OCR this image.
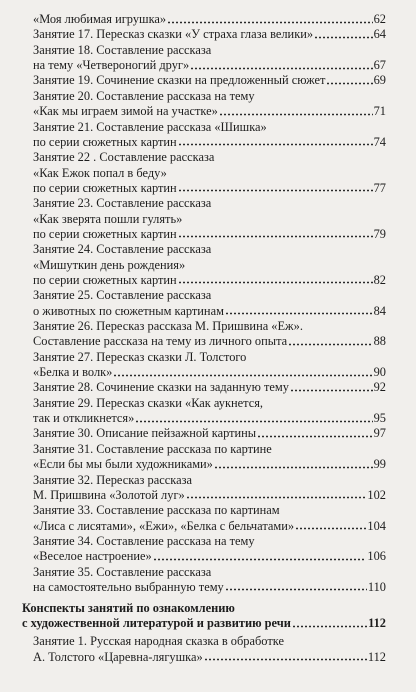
«Моя любимая игрушка»	62
Занятие 17. Пересказ сказки «У страха глаза велики»	64
Занятие 18. Составление рассказа
на тему «Четвероногий друг»	67
Занятие 19. Сочинение сказки на предложенный сюжет	69
Занятие 20. Составление рассказа на тему
«Как мы играем зимой на участке»	71
Занятие 21. Составление рассказа «Шишка»
по серии сюжетных картин	74
Занятие 22 . Составление рассказа
«Как Ежок попал в беду»
по серии сюжетных картин	77
Занятие 23. Составление рассказа
«Как зверята пошли гулять»
по серии сюжетных картин	79
Занятие 24. Составление рассказа
«Мишуткин день рождения»
по серии сюжетных картин	82
Занятие 25. Составление рассказа
о животных по сюжетным картинам	84
Занятие 26. Пересказ рассказа М. Пришвина «Еж».
Составление рассказа на тему из личного опыта	88
Занятие 27. Пересказ сказки Л. Толстого
«Белка и волк»	90
Занятие 28. Сочинение сказки на заданную тему	92
Занятие 29. Пересказ сказки «Как аукнется,
так и откликнется»	95
Занятие 30. Описание пейзажной картины	97
Занятие 31. Составление рассказа по картине
«Если бы мы были художниками»	99
Занятие 32. Пересказ рассказа
М. Пришвина «Золотой луг»	102
Занятие 33. Составление рассказа по картинам
«Лиса с лисятами», «Ежи», «Белка с бельчатами»	104
Занятие 34. Составление рассказа на тему
«Веселое настроение»	106
Занятие 35. Составление рассказа
на самостоятельно выбранную тему	110
Конспекты занятий по ознакомлению
с художественной литературой и развитию речи	112
Занятие 1. Русская народная сказка в обработке
А. Толстого «Царевна-лягушка»	112
